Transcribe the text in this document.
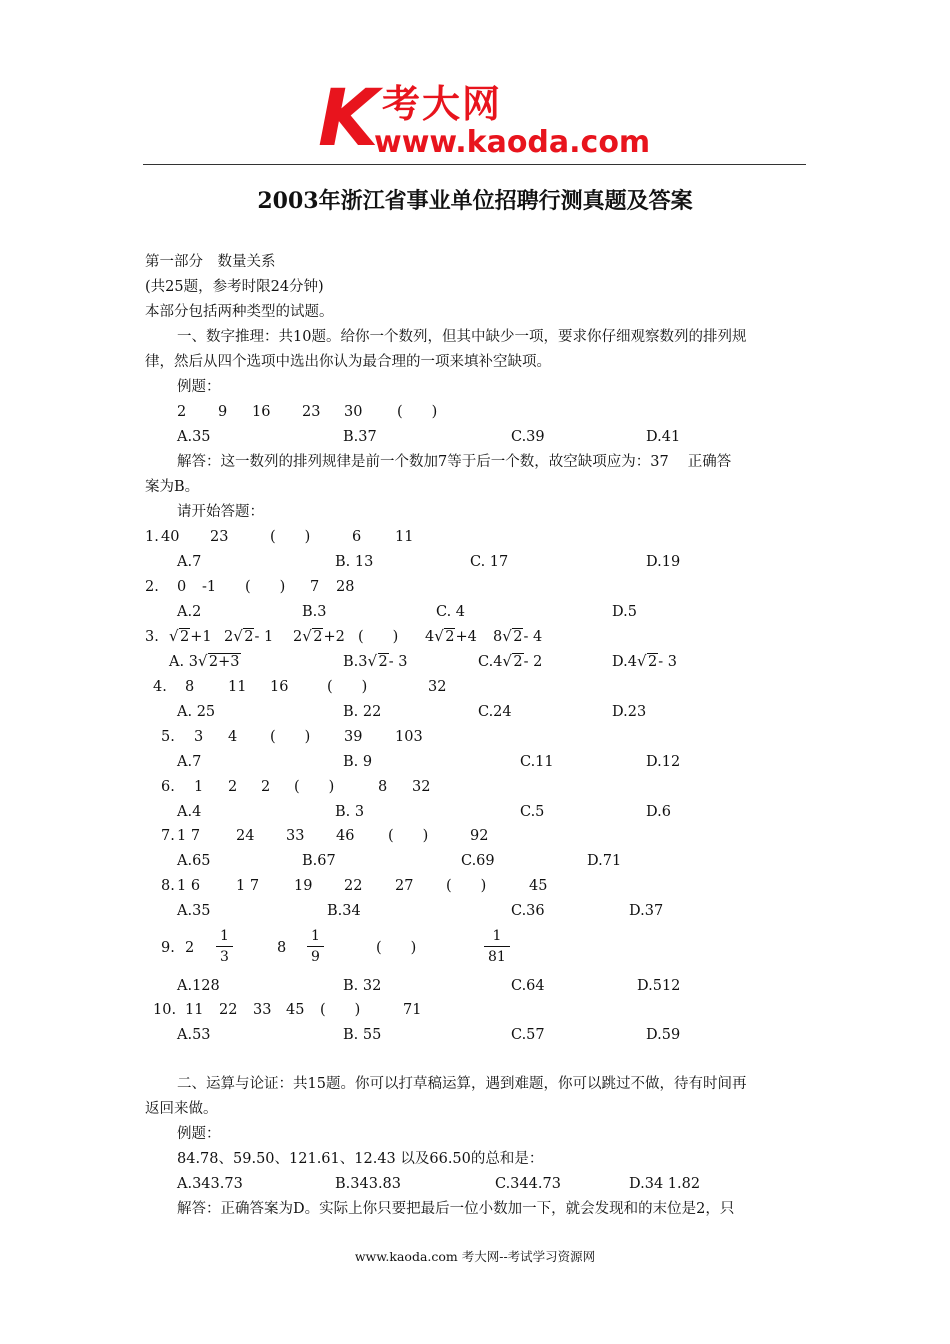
K 考大网
www.kaoda.com
2003年浙江省事业单位招聘行测真题及答案
第一部分　数量关系
(共25题，参考时限24分钟)
本部分包括两种类型的试题。
一、数字推理：共10题。给你一个数列，但其中缺少一项，要求你仔细观察数列的排列规
律，然后从四个选项中选出你认为最合理的一项来填补空缺项。
例题：
2 9 16 23 30 (　　)
A.35	B.37	C.39	D.41
解答：这一数列的排列规律是前一个数加7等于后一个数，故空缺项应为：37　 正确答
案为B。
请开始答题：
1. 40 23	(　　)	6 11
A.7	B. 13	C. 17	D.19
2. 0 -1 (　　) 7 28
A.2	B.3	C. 4	D.5
3.	√ 2+1 2 √ 2- 1 2 √ 2+2 (　　) 4 √ 2+4 8 √ 2- 4
A. 3 √ 2+3	B.3 √ 2- 3	C.4 √ 2- 2	D.4 √ 2- 3
4. 8 11 16	(　　)	32
A. 25	B. 22	C.24	D.23
5. 3 4 (　　) 39 103
A.7	B. 9	C.11	D.12
6. 1 2 2 (　　)	8 32
A.4	B. 3	C.5	D.6
7. 1 7 24 33 46 (　　)	92
A.65	B.67	C.69	D.71
8. 1 6 1 7 19 22 27 (　　)	45
A.35	B.34	C.36	D.37
9. $2 \frac{1}{3}$	$8 \frac{1}{9}$	(　　)	$\frac{1}{81}$
A.128	B. 32	C.64	D.512
10. 11 22 33 45 (　　)	71
A.53	B. 55	C.57	D.59
二、运算与论证：共15题。你可以打草稿运算，遇到难题，你可以跳过不做，待有时间再
返回来做。
例题：
84.78、59.50、121.61、12.43 以及66.50的总和是：
A.343.73	B.343.83	C.344.73	D.34 1.82
解答：正确答案为D。实际上你只要把最后一位小数加一下，就会发现和的末位是2，只
www.kaoda.com 考大网--考试学习资源网
